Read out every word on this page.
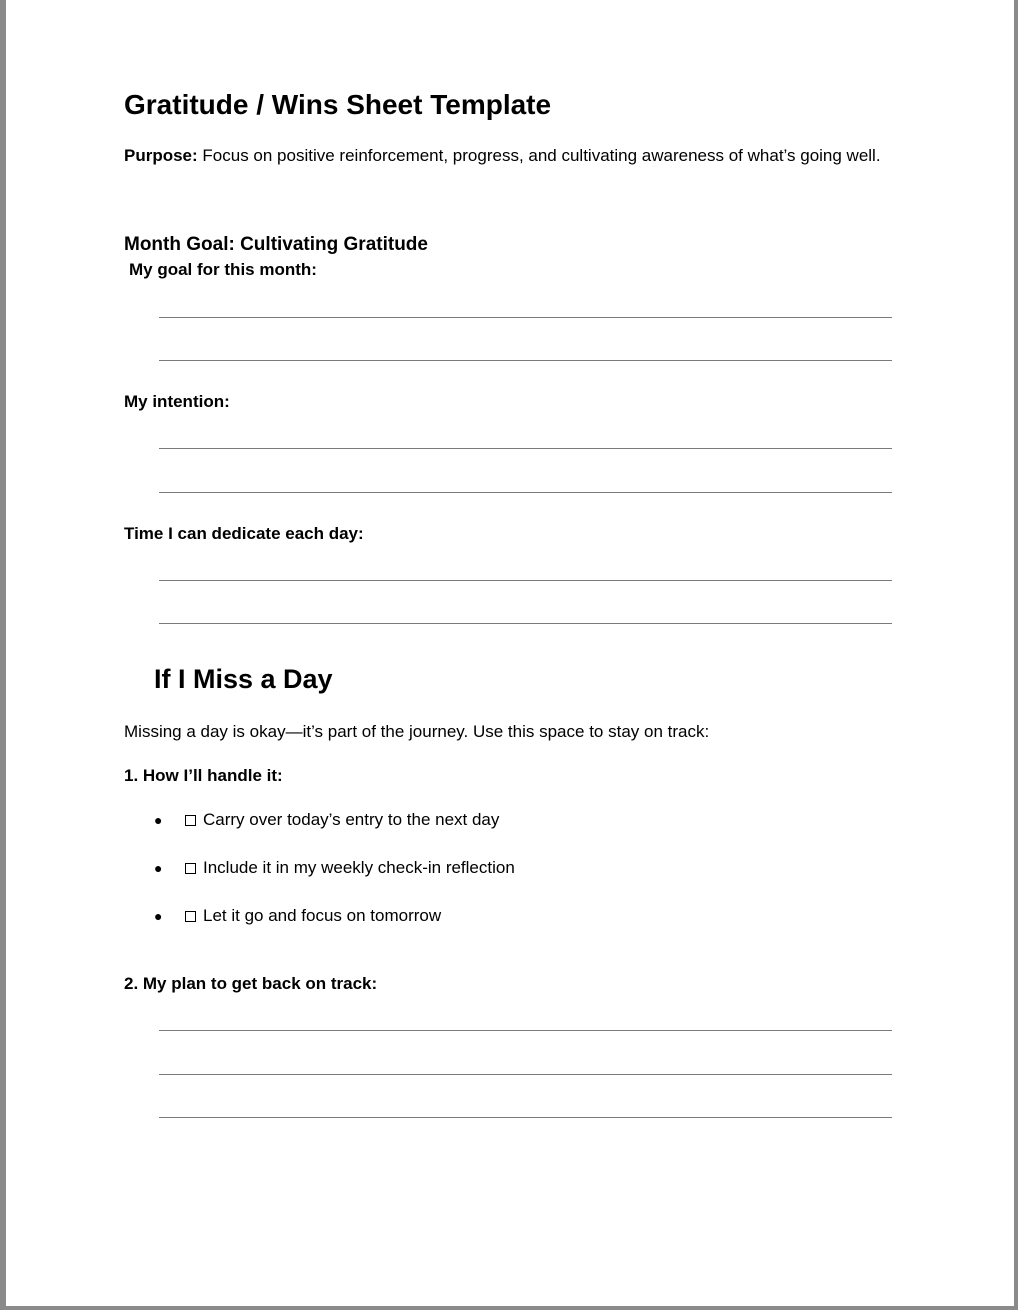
Gratitude / Wins Sheet Template

Purpose: Focus on positive reinforcement, progress, and cultivating awareness of what’s going well.

Month Goal: Cultivating Gratitude
My goal for this month:
My intention:
Time I can dedicate each day:
If I Miss a Day
Missing a day is okay—it’s part of the journey. Use this space to stay on track:
1. How I’ll handle it:
● Carry over today’s entry to the next day
● Include it in my weekly check-in reflection
● Let it go and focus on tomorrow
2. My plan to get back on track:
